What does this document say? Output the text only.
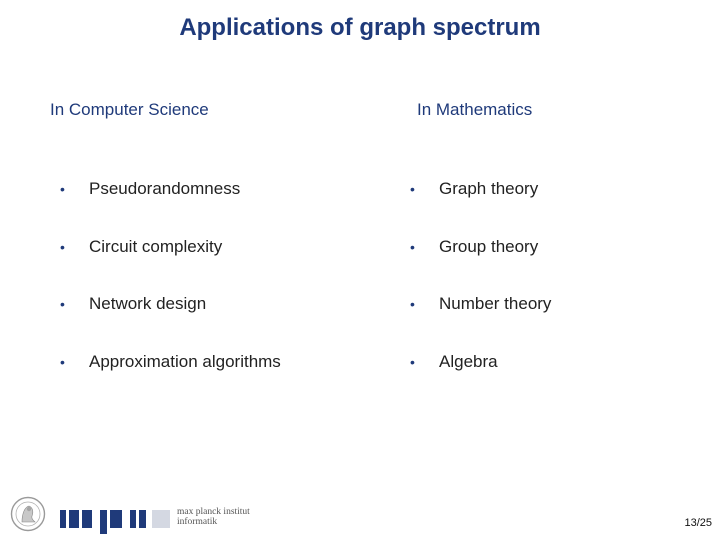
Applications of graph spectrum
In Computer Science	In Mathematics
•	Pseudorandomness
•	Circuit complexity
•	Network design
•	Approximation algorithms
•	Graph theory
•	Group theory
•	Number theory
•	Algebra
max planck institut
informatik	13/25
